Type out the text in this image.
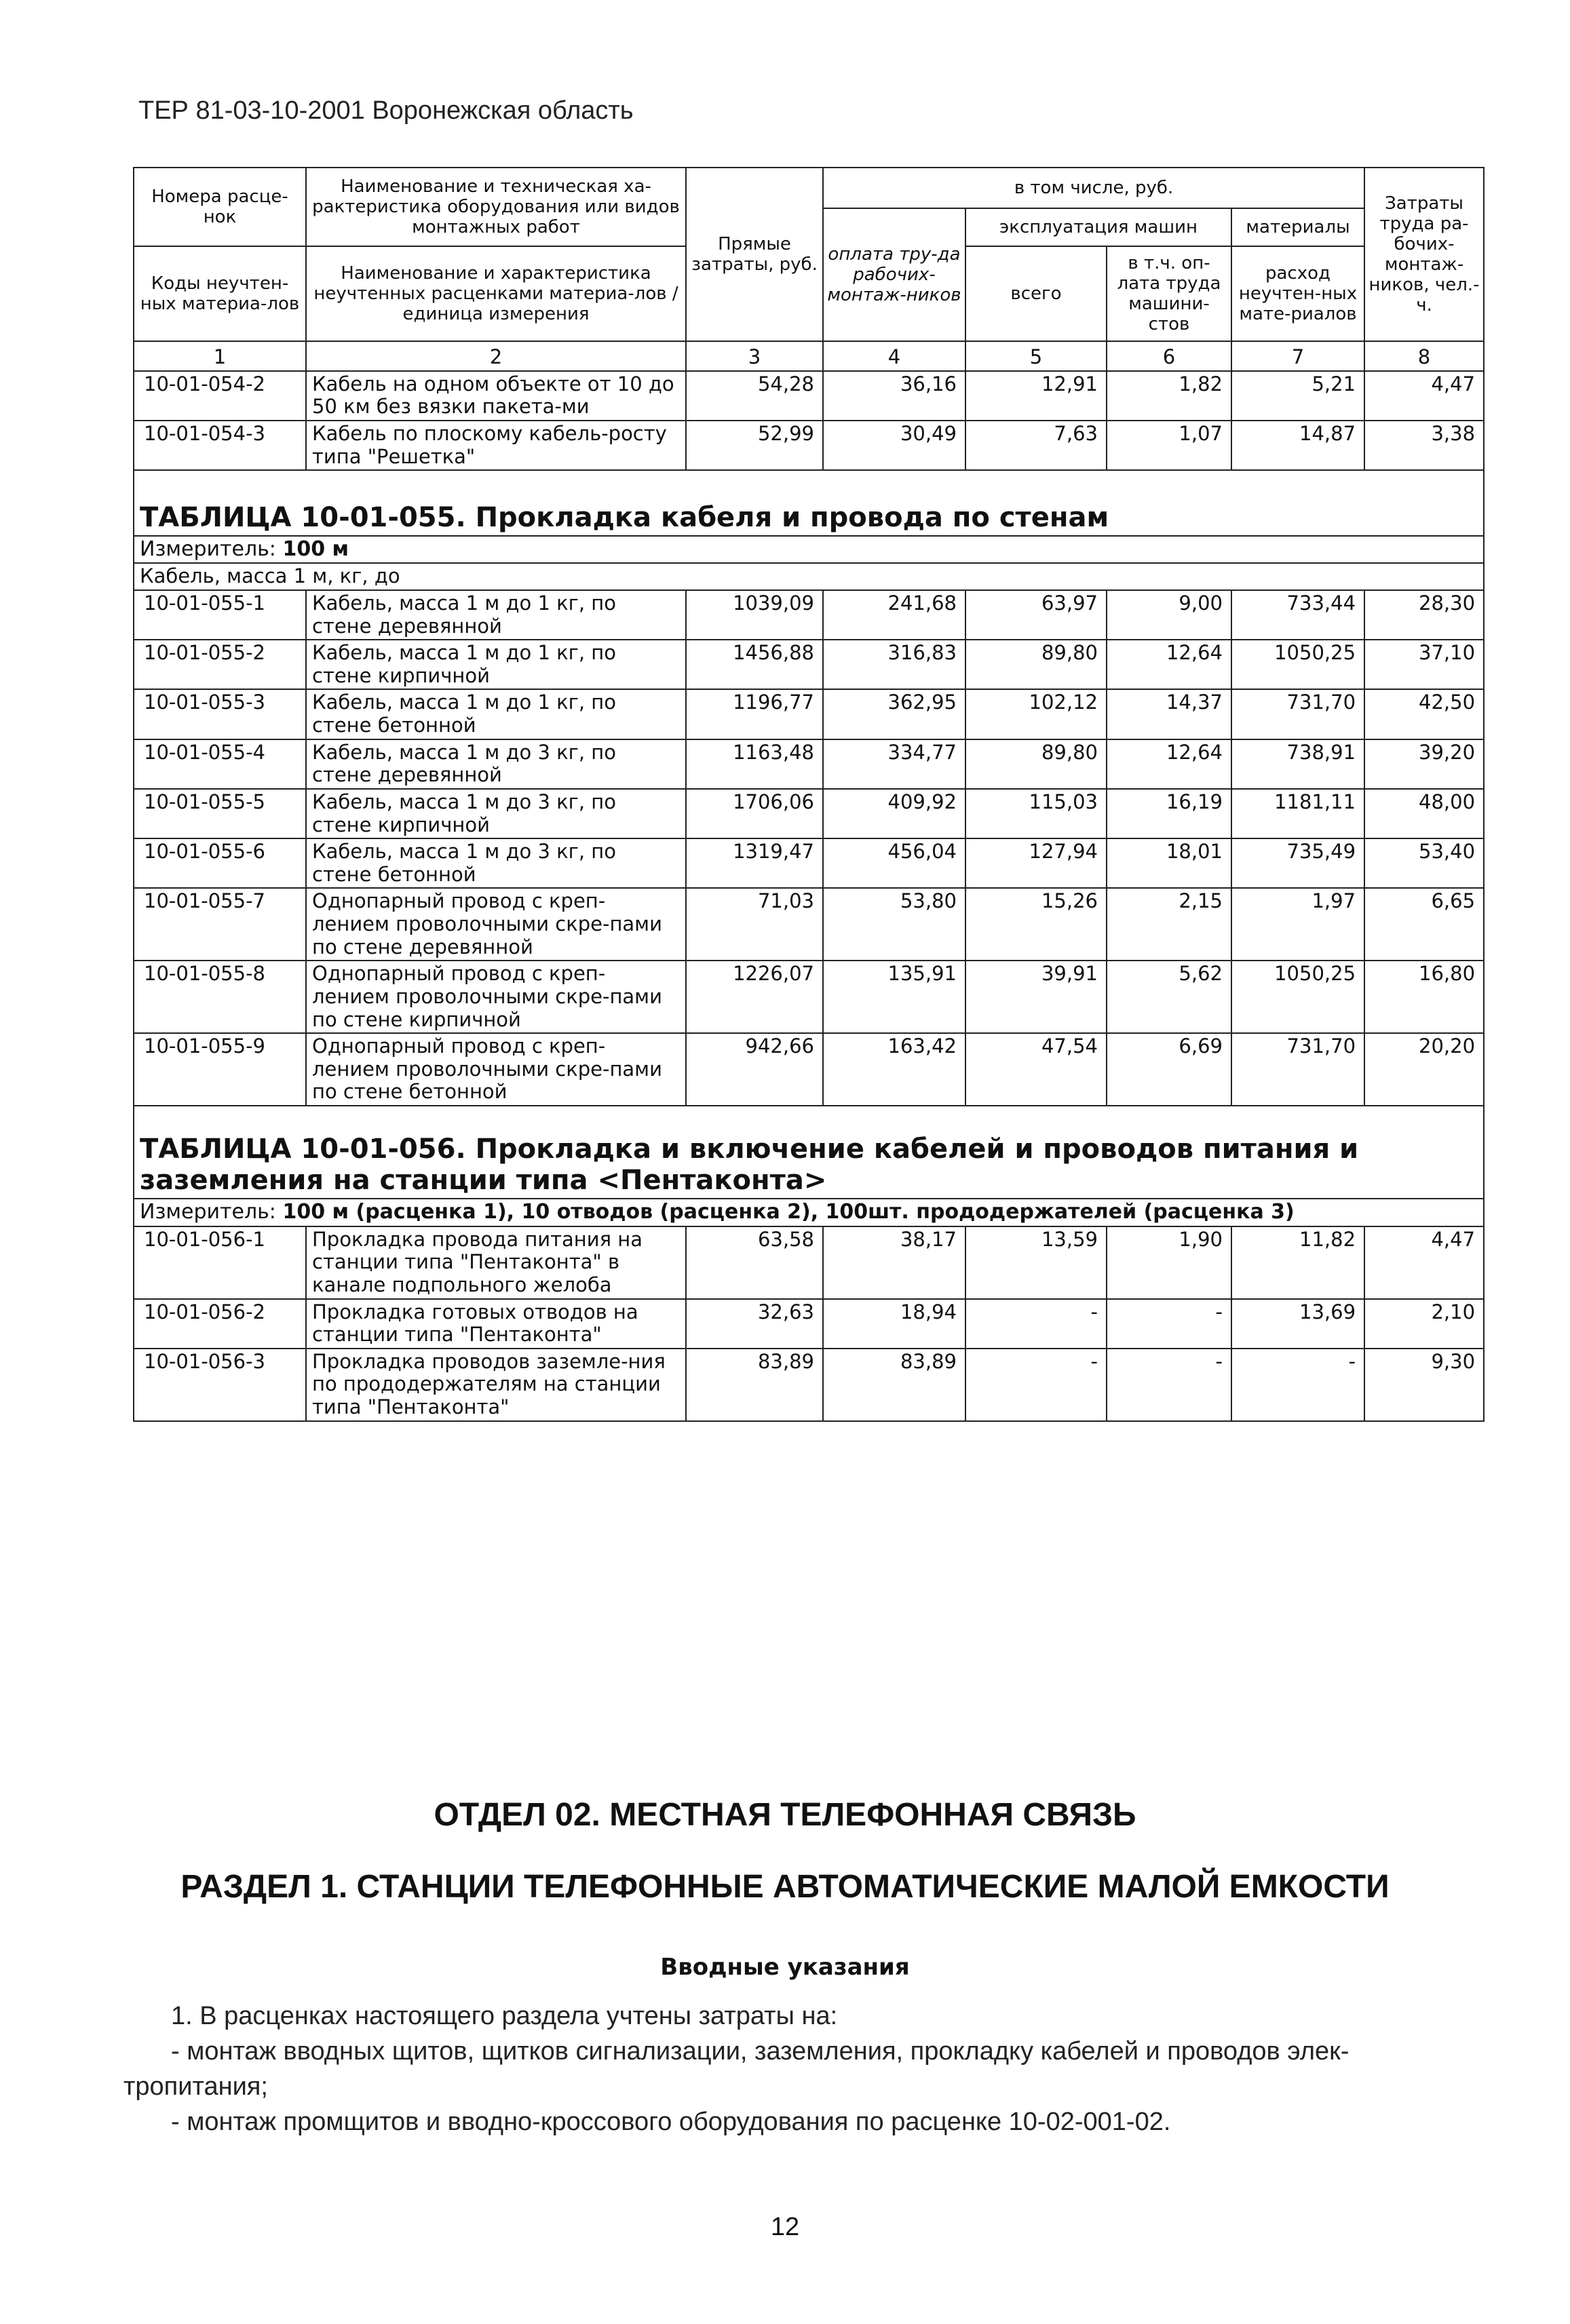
ТЕР 81-03-10-2001 Воронежская область
Номера расце-нок	Наименование и техническая ха-рактеристика оборудования или видов монтажных работ	Прямые затраты, руб.	в том числе, руб.				Затраты труда ра-бочих-монтаж-ников, чел.-ч.
			оплата тру-да рабочих-монтаж-ников	эксплуатация машин		материалы	
Коды неучтен-ных материа-лов	Наименование и характеристика неучтенных расценками материа-лов / единица измерения			всего	в т.ч. оп-лата труда машини-стов	расход неучтен-ных мате-риалов	

1	2	3	4	5	6	7	8
10-01-054-2	Кабель на одном объекте от 10 до 50 км без вязки пакета-ми	54,28	36,16	12,91	1,82	5,21	4,47
10-01-054-3	Кабель по плоскому кабель-росту типа "Решетка"	52,99	30,49	7,63	1,07	14,87	3,38
ТАБЛИЦА 10-01-055. Прокладка кабеля и провода по стенам							
Измеритель: 100 м							
Кабель, масса 1 м, кг, до							
10-01-055-1	Кабель, масса 1 м до 1 кг, по стене деревянной	1039,09	241,68	63,97	9,00	733,44	28,30
10-01-055-2	Кабель, масса 1 м до 1 кг, по стене кирпичной	1456,88	316,83	89,80	12,64	1050,25	37,10
10-01-055-3	Кабель, масса 1 м до 1 кг, по стене бетонной	1196,77	362,95	102,12	14,37	731,70	42,50
10-01-055-4	Кабель, масса 1 м до 3 кг, по стене деревянной	1163,48	334,77	89,80	12,64	738,91	39,20
10-01-055-5	Кабель, масса 1 м до 3 кг, по стене кирпичной	1706,06	409,92	115,03	16,19	1181,11	48,00
10-01-055-6	Кабель, масса 1 м до 3 кг, по стене бетонной	1319,47	456,04	127,94	18,01	735,49	53,40
10-01-055-7	Однопарный провод с креп-лением проволочными скре-пами по стене деревянной	71,03	53,80	15,26	2,15	1,97	6,65
10-01-055-8	Однопарный провод с креп-лением проволочными скре-пами по стене кирпичной	1226,07	135,91	39,91	5,62	1050,25	16,80
10-01-055-9	Однопарный провод с креп-лением проволочными скре-пами по стене бетонной	942,66	163,42	47,54	6,69	731,70	20,20
ТАБЛИЦА 10-01-056. Прокладка и включение кабелей и проводов питания и заземления на станции типа <Пентаконта>							
Измеритель: 100 м (расценка 1), 10 отводов (расценка 2), 100шт. прододержателей (расценка 3)							
10-01-056-1	Прокладка провода питания на станции типа "Пентаконта" в канале подпольного желоба	63,58	38,17	13,59	1,90	11,82	4,47
10-01-056-2	Прокладка готовых отводов на станции типа "Пентаконта"	32,63	18,94	-	-	13,69	2,10
10-01-056-3	Прокладка проводов заземле-ния по прододержателям на станции типа "Пентаконта"	83,89	83,89	-	-	-	9,30
ОТДЕЛ 02. МЕСТНАЯ ТЕЛЕФОННАЯ СВЯЗЬ
РАЗДЕЛ 1. СТАНЦИИ ТЕЛЕФОННЫЕ АВТОМАТИЧЕСКИЕ МАЛОЙ ЕМКОСТИ
Вводные указания

1. В расценках настоящего раздела учтены затраты на:

- монтаж вводных щитов, щитков сигнализации, заземления, прокладку кабелей и проводов элек-тропитания;

- монтаж промщитов и вводно-кроссового оборудования по расценке 10-02-001-02.

12
